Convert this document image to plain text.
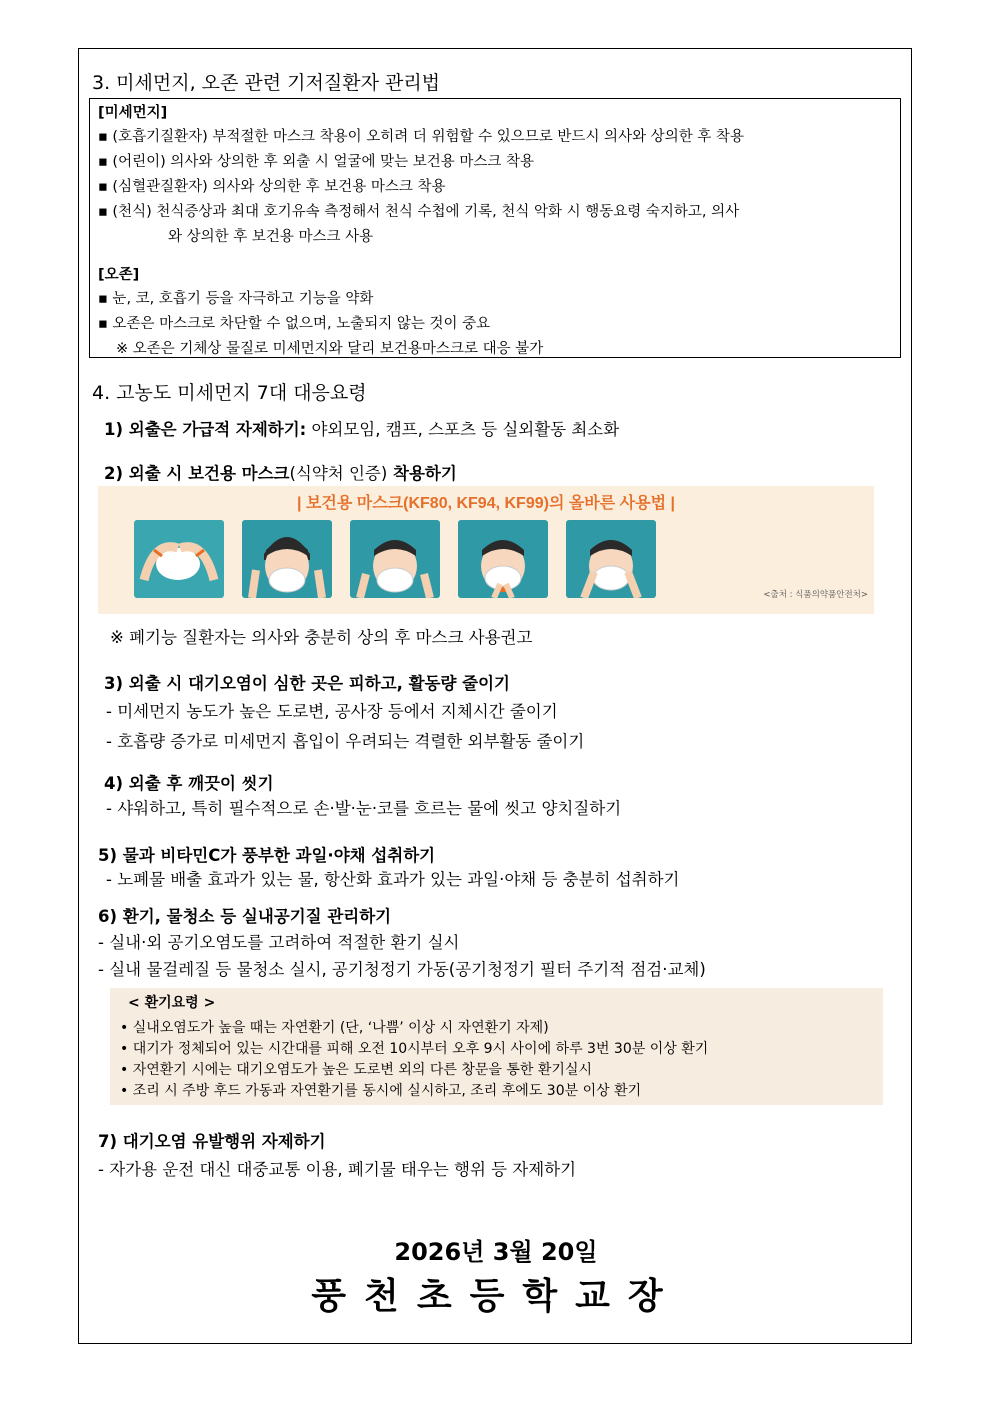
3. 미세먼지, 오존 관련 기저질환자 관리법
[미세먼지]
▪ (호흡기질환자) 부적절한 마스크 착용이 오히려 더 위험할 수 있으므로 반드시 의사와 상의한 후 착용
▪ (어린이) 의사와 상의한 후 외출 시 얼굴에 맞는 보건용 마스크 착용
▪ (심혈관질환자) 의사와 상의한 후 보건용 마스크 착용
▪ (천식) 천식증상과 최대 호기유속 측정해서 천식 수첩에 기록, 천식 악화 시 행동요령 숙지하고, 의사
와 상의한 후 보건용 마스크 사용
[오존]
▪ 눈, 코, 호흡기 등을 자극하고 기능을 약화
▪ 오존은 마스크로 차단할 수 없으며, 노출되지 않는 것이 중요
※ 오존은 기체상 물질로 미세먼지와 달리 보건용마스크로 대응 불가
4. 고농도 미세먼지 7대 대응요령
1) 외출은 가급적 자제하기: 야외모임, 캠프, 스포츠 등 실외활동 최소화
2) 외출 시 보건용 마스크(식약처 인증) 착용하기
| 보건용 마스크(KF80, KF94, KF99)의 올바른 사용법 |
<출처 : 식품의약품안전처>
※ 폐기능 질환자는 의사와 충분히 상의 후 마스크 사용권고
3) 외출 시 대기오염이 심한 곳은 피하고, 활동량 줄이기
- 미세먼지 농도가 높은 도로변, 공사장 등에서 지체시간 줄이기
- 호흡량 증가로 미세먼지 흡입이 우려되는 격렬한 외부활동 줄이기
4) 외출 후 깨끗이 씻기
- 샤워하고, 특히 필수적으로 손·발·눈·코를 흐르는 물에 씻고 양치질하기
5) 물과 비타민C가 풍부한 과일·야채 섭취하기
- 노폐물 배출 효과가 있는 물, 항산화 효과가 있는 과일·야채 등 충분히 섭취하기
6) 환기, 물청소 등 실내공기질 관리하기
- 실내·외 공기오염도를 고려하여 적절한 환기 실시
- 실내 물걸레질 등 물청소 실시, 공기청정기 가동(공기청정기 필터 주기적 점검·교체)
< 환기요령 >
• 실내오염도가 높을 때는 자연환기 (단, ‘나쁨’ 이상 시 자연환기 자제)
• 대기가 정체되어 있는 시간대를 피해 오전 10시부터 오후 9시 사이에 하루 3번 30분 이상 환기
• 자연환기 시에는 대기오염도가 높은 도로변 외의 다른 창문을 통한 환기실시
• 조리 시 주방 후드 가동과 자연환기를 동시에 실시하고, 조리 후에도 30분 이상 환기
7) 대기오염 유발행위 자제하기
- 자가용 운전 대신 대중교통 이용, 폐기물 태우는 행위 등 자제하기
2026년 3월 20일
풍천초등학교장
